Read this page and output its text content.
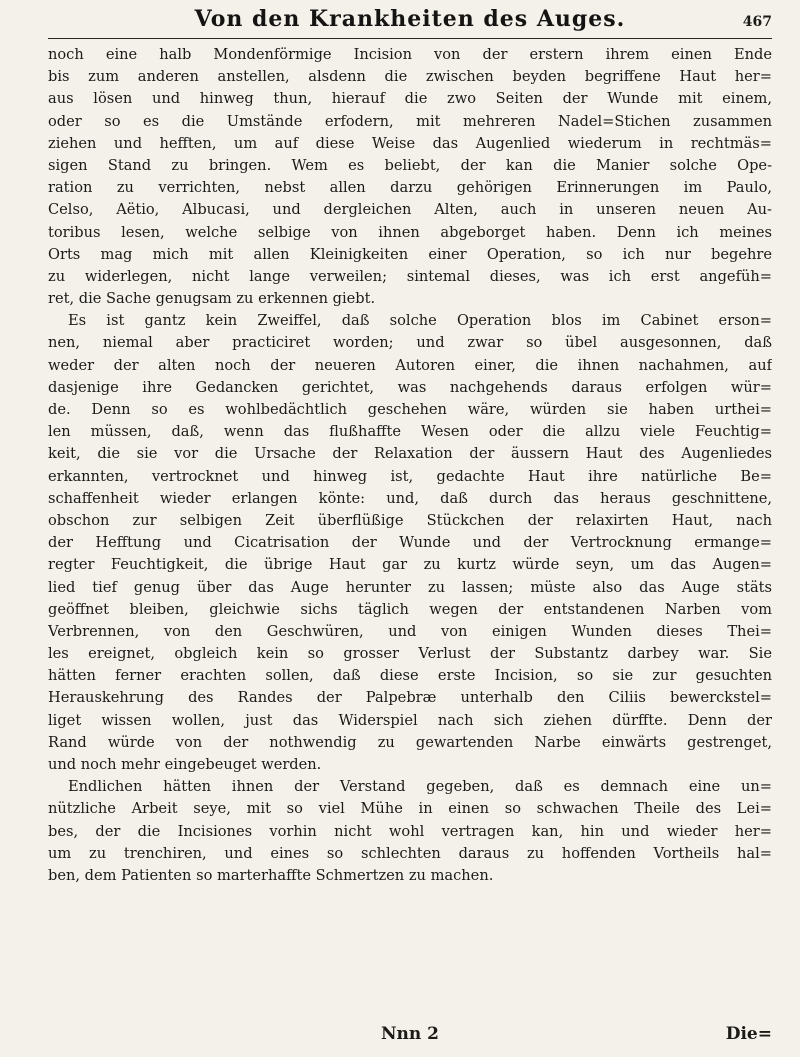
Von den Krankheiten des Auges.	467
noch eine halb Mondenförmige Incision von der erstern ihrem einen Ende
bis zum anderen anstellen, alsdenn die zwischen beyden begriffene Haut her=
aus lösen und hinweg thun, hierauf die zwo Seiten der Wunde mit einem,
oder so es die Umstände erfodern, mit mehreren Nadel=Stichen zusammen
ziehen und hefften, um auf diese Weise das Augenlied wiederum in rechtmäs=
sigen Stand zu bringen. Wem es beliebt, der kan die Manier solche Ope-
ration zu verrichten, nebst allen darzu gehörigen Erinnerungen im Paulo,
Celso, Aëtio, Albucasi, und dergleichen Alten, auch in unseren neuen Au-
toribus lesen, welche selbige von ihnen abgeborget haben. Denn ich meines
Orts mag mich mit allen Kleinigkeiten einer Operation, so ich nur begehre
zu widerlegen, nicht lange verweilen; sintemal dieses, was ich erst angefüh=
ret, die Sache genugsam zu erkennen giebt.
Es ist gantz kein Zweiffel, daß solche Operation blos im Cabinet erson=
nen, niemal aber practiciret worden; und zwar so übel ausgesonnen, daß
weder der alten noch der neueren Autoren einer, die ihnen nachahmen, auf
dasjenige ihre Gedancken gerichtet, was nachgehends daraus erfolgen wür=
de. Denn so es wohlbedächtlich geschehen wäre, würden sie haben urthei=
len müssen, daß, wenn das flußhaffte Wesen oder die allzu viele Feuchtig=
keit, die sie vor die Ursache der Relaxation der äussern Haut des Augenliedes
erkannten, vertrocknet und hinweg ist, gedachte Haut ihre natürliche Be=
schaffenheit wieder erlangen könte: und, daß durch das heraus geschnittene,
obschon zur selbigen Zeit überflüßige Stückchen der relaxirten Haut, nach
der Hefftung und Cicatrisation der Wunde und der Vertrocknung ermange=
regter Feuchtigkeit, die übrige Haut gar zu kurtz würde seyn, um das Augen=
lied tief genug über das Auge herunter zu lassen; müste also das Auge stäts
geöffnet bleiben, gleichwie sichs täglich wegen der entstandenen Narben vom
Verbrennen, von den Geschwüren, und von einigen Wunden dieses Thei=
les ereignet, obgleich kein so grosser Verlust der Substantz darbey war. Sie
hätten ferner erachten sollen, daß diese erste Incision, so sie zur gesuchten
Herauskehrung des Randes der Palpebræ unterhalb den Ciliis bewerckstel=
liget wissen wollen, just das Widerspiel nach sich ziehen dürffte. Denn der
Rand würde von der nothwendig zu gewartenden Narbe einwärts gestrenget,
und noch mehr eingebeuget werden.
Endlichen hätten ihnen der Verstand gegeben, daß es demnach eine un=
nützliche Arbeit seye, mit so viel Mühe in einen so schwachen Theile des Lei=
bes, der die Incisiones vorhin nicht wohl vertragen kan, hin und wieder her=
um zu trenchiren, und eines so schlechten daraus zu hoffenden Vortheils hal=
ben, dem Patienten so marterhaffte Schmertzen zu machen.
Nnn 2	Die=
